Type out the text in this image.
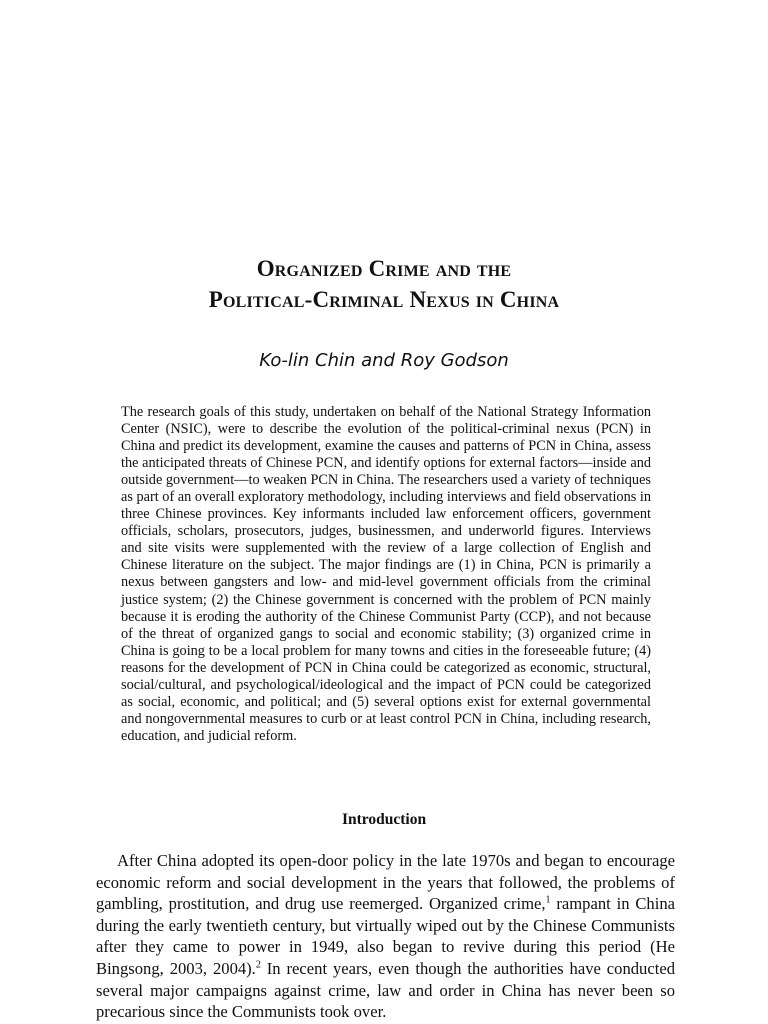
Organized Crime and the
Political-Criminal Nexus in China
Ko-lin Chin and Roy Godson

The research goals of this study, undertaken on behalf of the National Strategy Information Center (NSIC), were to describe the evolution of the political-criminal nexus (PCN) in China and predict its development, examine the causes and patterns of PCN in China, assess the anticipated threats of Chinese PCN, and identify options for external factors—inside and outside government—to weaken PCN in China. The researchers used a variety of techniques as part of an overall exploratory methodology, including interviews and field observations in three Chinese provinces. Key informants included law enforcement officers, government officials, scholars, prosecutors, judges, businessmen, and underworld figures. Interviews and site visits were supplemented with the review of a large collection of English and Chinese literature on the subject. The major findings are (1) in China, PCN is primarily a nexus between gangsters and low- and mid-level government officials from the criminal justice system; (2) the Chinese government is concerned with the problem of PCN mainly because it is eroding the authority of the Chinese Communist Party (CCP), and not because of the threat of organized gangs to social and economic stability; (3) organized crime in China is going to be a local problem for many towns and cities in the foreseeable future; (4) reasons for the development of PCN in China could be categorized as economic, structural, social/cultural, and psychological/ideological and the impact of PCN could be categorized as social, economic, and political; and (5) several options exist for external governmental and nongovernmental measures to curb or at least control PCN in China, including research, education, and judicial reform.

Introduction

After China adopted its open-door policy in the late 1970s and began to encourage economic reform and social development in the years that followed, the problems of gambling, prostitution, and drug use reemerged. Organized crime,$^1$ rampant in China during the early twentieth century, but virtually wiped out by the Chinese Communists after they came to power in 1949, also began to revive during this period (He Bingsong, 2003, 2004).$^2$ In recent years, even though the authorities have conducted several major campaigns against crime, law and order in China has never been so precarious since the Communists took over.
